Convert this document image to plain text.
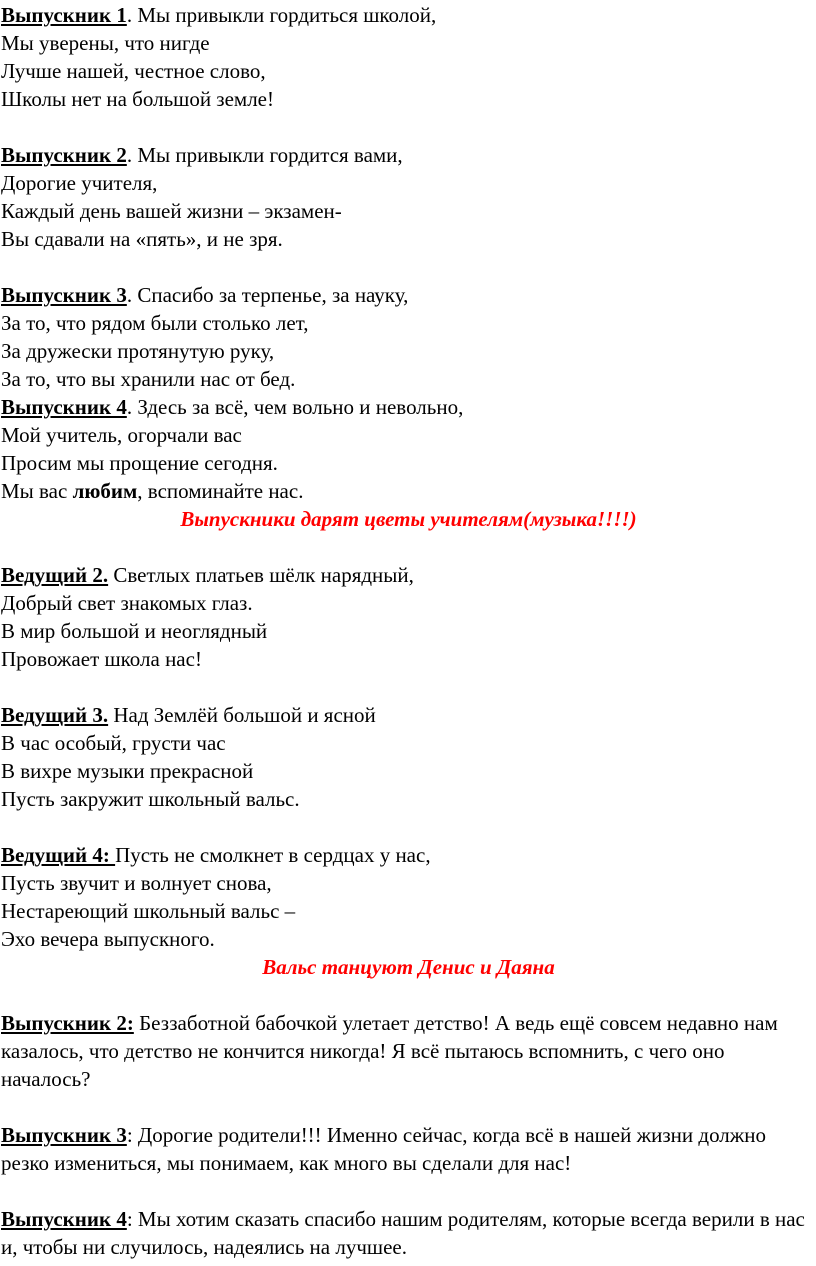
Выпускник 1. Мы привыкли гордиться школой,
Мы уверены, что нигде
Лучше нашей, честное слово,
Школы нет на большой земле!
Выпускник 2. Мы привыкли гордится вами,
Дорогие учителя,
Каждый день вашей жизни – экзамен-
Вы сдавали на «пять», и не зря.
Выпускник 3. Спасибо за терпенье, за науку,
За то, что рядом были столько лет,
За дружески протянутую руку,
За то, что вы хранили нас от бед.
Выпускник 4. Здесь за всё, чем вольно и невольно,
Мой учитель, огорчали вас
Просим мы прощение сегодня.
Мы вас любим, вспоминайте нас.
Выпускники дарят цветы учителям(музыка!!!!)
Ведущий 2. Светлых платьев шёлк нарядный,
Добрый свет знакомых глаз.
В мир большой и неоглядный
Провожает школа нас!
Ведущий 3. Над Землёй большой и ясной
В час особый, грусти час
В вихре музыки прекрасной
Пусть закружит школьный вальс.
Ведущий 4: Пусть не смолкнет в сердцах у нас,
Пусть звучит и волнует снова,
Нестареющий школьный вальс –
Эхо вечера выпускного.
Вальс танцуют Денис и Даяна

Выпускник 2: Беззаботной бабочкой улетает детство! А ведь ещё совсем недавно нам казалось, что детство не кончится никогда! Я всё пытаюсь вспомнить, с чего оно началось?

Выпускник 3: Дорогие родители!!! Именно сейчас, когда всё в нашей жизни должно резко измениться, мы понимаем, как много вы сделали для нас!

Выпускник 4: Мы хотим сказать спасибо нашим родителям, которые всегда верили в нас и, чтобы ни случилось, надеялись на лучшее.
